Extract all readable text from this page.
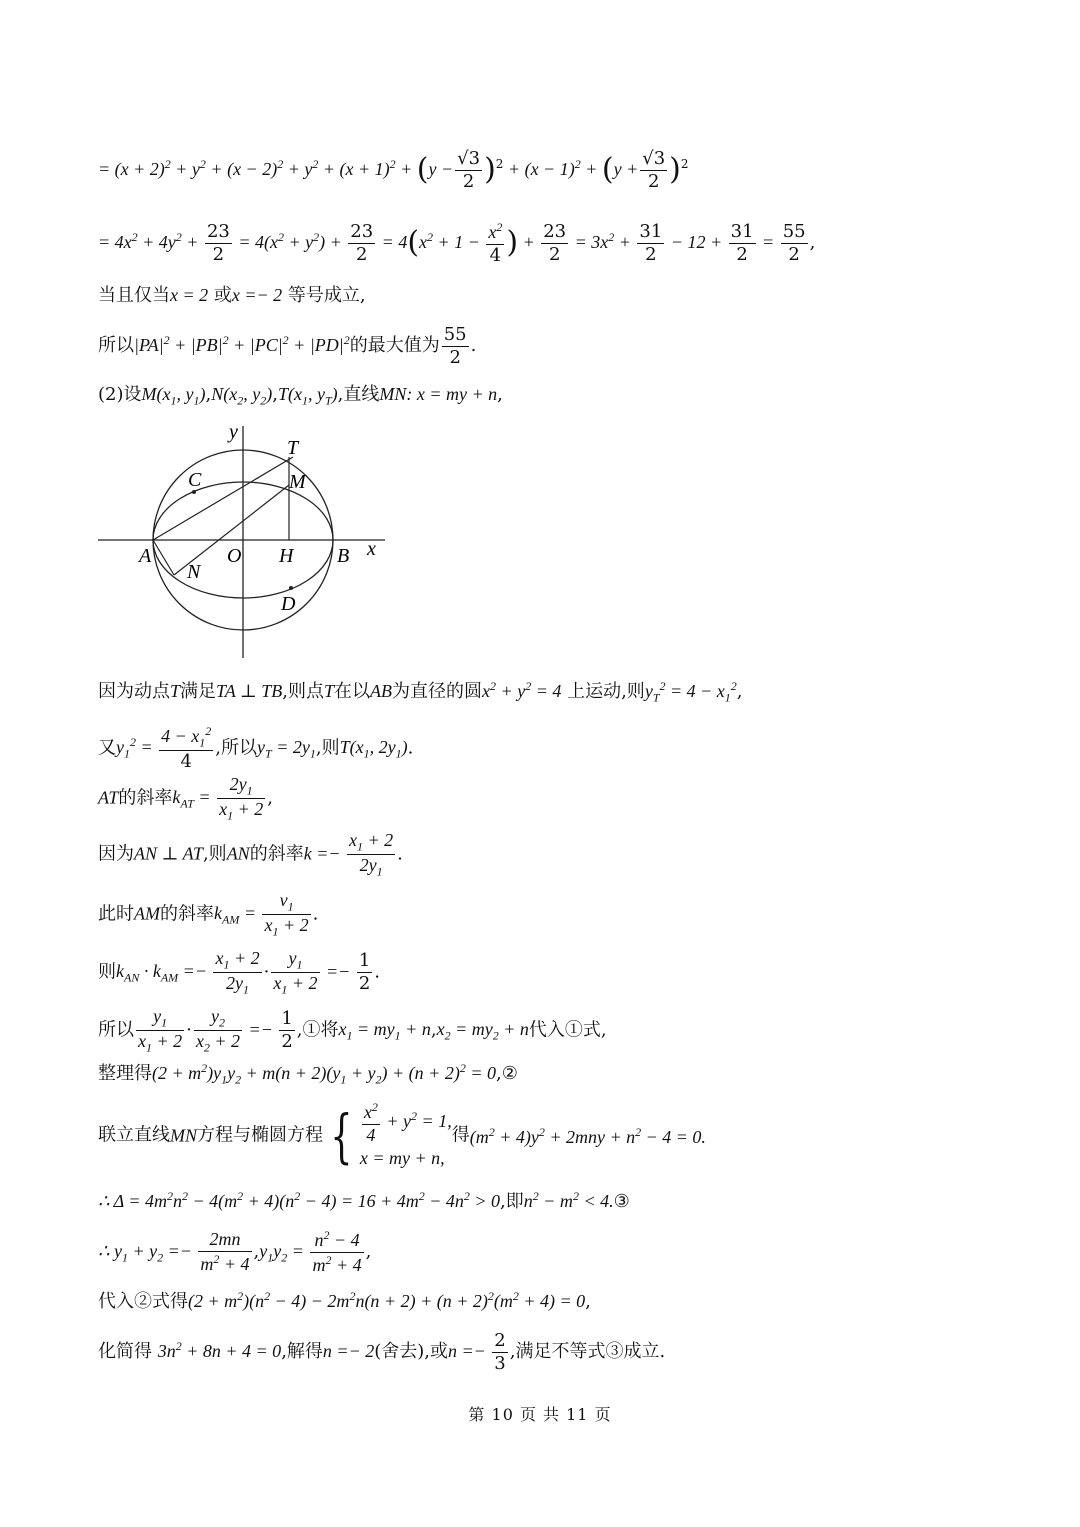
= $(x + 2)^2 + y^2 + (x - 2)^2 + y^2 + (x + 1)^2 + (y - \frac{√3}{2} )^2 + (x - 1)^2 + (y + \frac{√3}{2} )^2$
= $4x^2 + 4y^2 + \frac{23}{2} = 4(x^2 + y^2) + \frac{23}{2} = 4(x^2 + 1 - \frac{x^2}{4}$ ) + $\frac{23}{2} = 3x^2 + \frac{31}{2} - 12 + \frac{31}{2} = \frac{55}{2}$ ,
当且仅当x = 2 或x =− 2 等号成立,
所以$|PA|^2 + |PB|^2 + |PC|^2 + |PD|^2$的最大值为 $\frac{55}{2}$ .
(2)设$M(x_1$, $y_1),N(x_2$, $y_2),T(x_1$, $y_T$),直线MN: x = my + n,
y
x
T
M
C
A	O H B
N
D
因为动点T满足TA ⊥ TB,则点T在以AB为直径的圆$x^2 + y^2 = 4$ 上运动,则$y_T^2 = 4 - x_1^2$,
又$y_1^2 = \frac{4 - x_1^2}{4}$ ,所以$y_T = 2y_1$,则$T(x_1$, $2y_1$).
AT的斜率$k_{AT} = \frac{2y_1}{x_1 + 2}$ ,
因为AN ⊥ AT,则AN的斜率$k =- \frac{x_1 + 2}{2y_1}$ .
此时AM的斜率$k_{AM} = \frac{v_1}{x_1 + 2}$ .
则$k_{AN} \cdot k_{AM} =- \frac{x_1 + 2}{2y_1} \cdot \frac{y_1}{x_1 + 2} =- \frac{1}{2}$ .
所以 $\frac{y_1}{x_1 + 2} \cdot \frac{y_2}{x_2 + 2} =- \frac{1}{2}$ ,①将$x_1 = my_1 + n,x_2 = my_2 + n$代入①式,
整理得$(2 + m^2)y_1y_2 + m(n + 2)(y_1 + y_2) + (n + 2)^2$ = 0,②
联立直线MN方程与椭圆方程 { $\frac{x^2}{4} + y^2 = 1$,
x = my + n,
得$(m^2 + 4)y^2 + 2mny + n^2 - 4 = 0$.
∴ $\Delta = 4m^2n^2 - 4(m^2 + 4)(n^2 - 4) = 16 + 4m^2 - 4n^2 > 0$,即$n^2 - m^2$ < 4.③
∴ $y_1 + y_2 =- \frac{2mn}{m^2 + 4} ,y_1y_2 = \frac{n^2 - 4}{m^2 + 4}$ ,
代入②式得$(2 + m^2)(n^2 - 4) - 2m^2n(n + 2) + (n + 2)^2(m^2 + 4) = 0$,
化简得 $3n^2 + 8n + 4 = 0$,解得n =− 2(舍去),或$n =- \frac{2}{3}$ ,满足不等式③成立.
第 10 页 共 11 页
